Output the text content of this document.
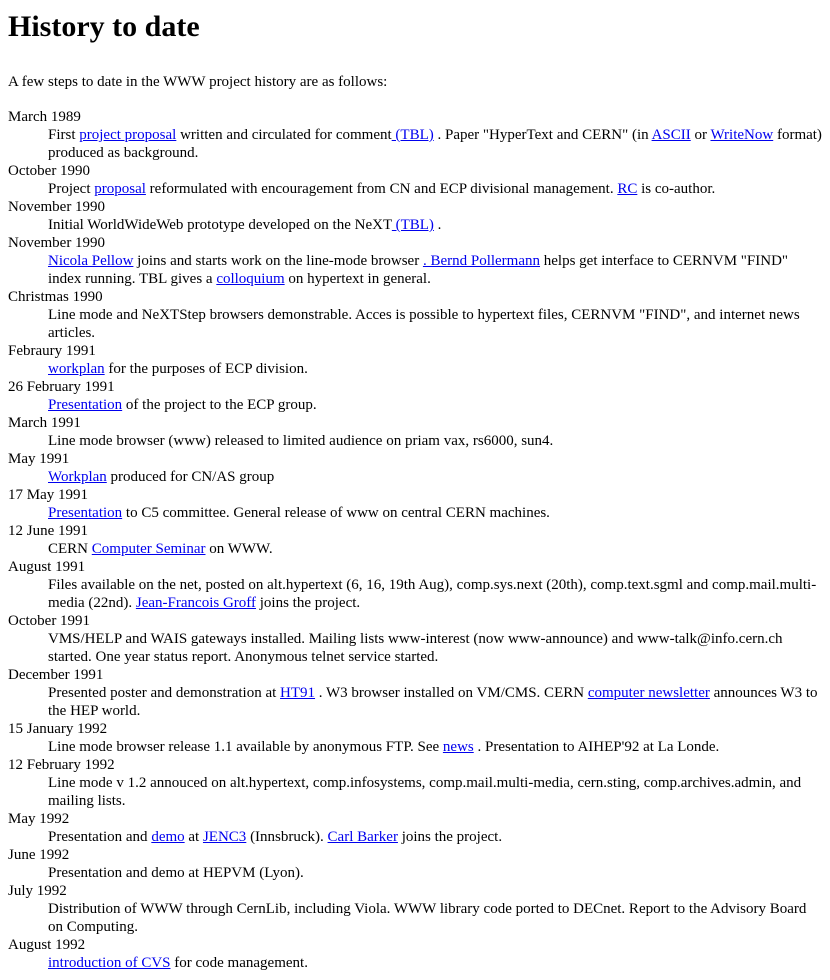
History to date

A few steps to date in the WWW project history are as follows:

March 1989
First project proposal written and circulated for comment (TBL) . Paper "HyperText and CERN" (in ASCII or WriteNow format) produced as background.
October 1990
Project proposal reformulated with encouragement from CN and ECP divisional management. RC is co-author.
November 1990
Initial WorldWideWeb prototype developed on the NeXT (TBL) .
November 1990
Nicola Pellow joins and starts work on the line-mode browser . Bernd Pollermann helps get interface to CERNVM "FIND" index running. TBL gives a colloquium on hypertext in general.
Christmas 1990
Line mode and NeXTStep browsers demonstrable. Acces is possible to hypertext files, CERNVM "FIND", and internet news articles.
Febraury 1991
workplan for the purposes of ECP division.
26 February 1991
Presentation of the project to the ECP group.
March 1991
Line mode browser (www) released to limited audience on priam vax, rs6000, sun4.
May 1991
Workplan produced for CN/AS group
17 May 1991
Presentation to C5 committee. General release of www on central CERN machines.
12 June 1991
CERN Computer Seminar on WWW.
August 1991
Files available on the net, posted on alt.hypertext (6, 16, 19th Aug), comp.sys.next (20th), comp.text.sgml and comp.mail.multi-media (22nd). Jean-Francois Groff joins the project.
October 1991
VMS/HELP and WAIS gateways installed. Mailing lists www-interest (now www-announce) and www-talk@info.cern.ch started. One year status report. Anonymous telnet service started.
December 1991
Presented poster and demonstration at HT91 . W3 browser installed on VM/CMS. CERN computer newsletter announces W3 to the HEP world.
15 January 1992
Line mode browser release 1.1 available by anonymous FTP. See news . Presentation to AIHEP'92 at La Londe.
12 February 1992
Line mode v 1.2 annouced on alt.hypertext, comp.infosystems, comp.mail.multi-media, cern.sting, comp.archives.admin, and mailing lists.
May 1992
Presentation and demo at JENC3 (Innsbruck). Carl Barker joins the project.
June 1992
Presentation and demo at HEPVM (Lyon).
July 1992
Distribution of WWW through CernLib, including Viola. WWW library code ported to DECnet. Report to the Advisory Board on Computing.
August 1992
introduction of CVS for code management.
